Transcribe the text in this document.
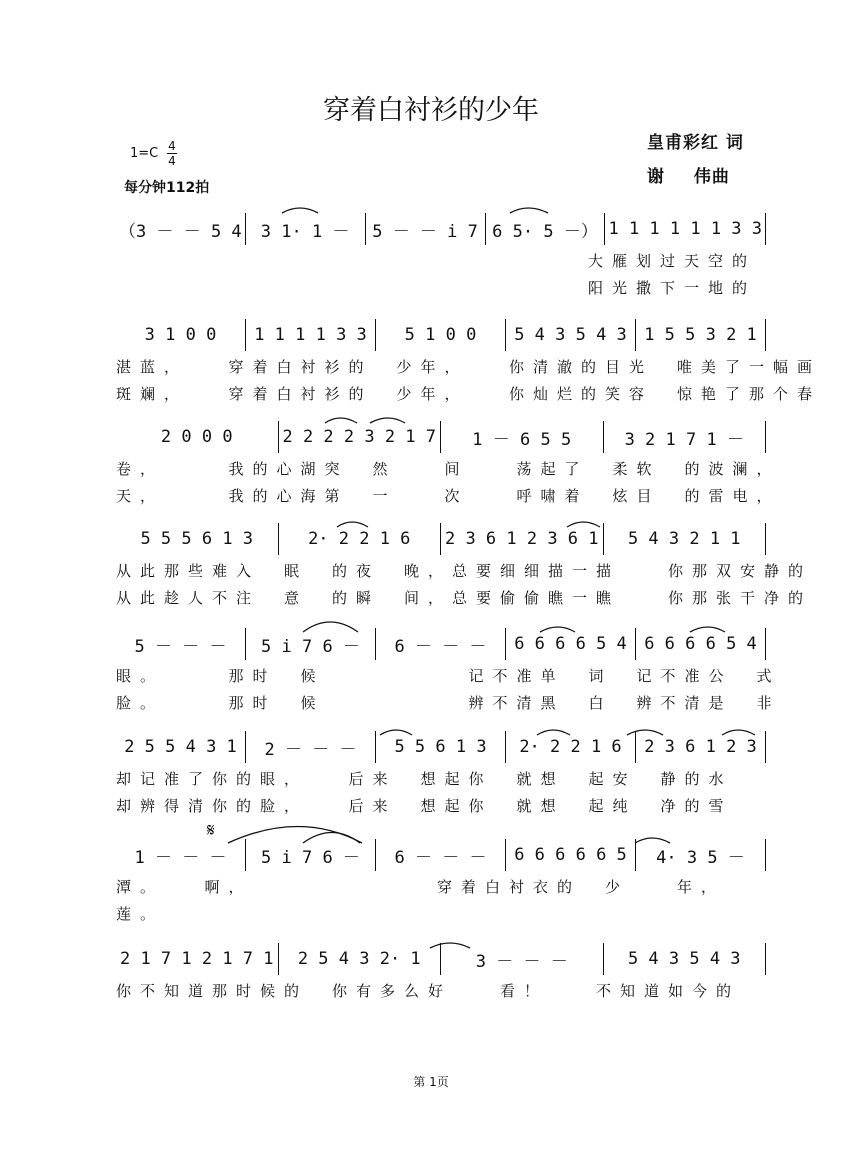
穿着白衬衫的少年
皇甫彩红 词
谢 伟曲
1=C 4
4
每分钟112拍
（3 － － 5 4	3 1· 1 －	5 － － i 7 6 5· 5 －） 1 1 1 1 1 1 3 3
大雁划过天空的
阳光撒下一地的
3 1 0 0	1 1 1 1 3 3	5 1 0 0	5 4 3 5 4 3	1 5 5 3 2 1
湛蓝，　　穿着白衬衫的　少年，　　你清澈的目光　唯美了一幅画
斑斓，　　穿着白衬衫的　少年，　　你灿烂的笑容　惊艳了那个春
2 0 0 0	2 2 2 2 3 2 1 7	1 － 6 5 5	3 2 1 7 1 －
卷，　　　我的心湖突　然　　间　　荡起了　柔软　的波澜，
天，　　　我的心海第　一　　次　　呼啸着　炫目　的雷电，
5 5 5 6 1 3	2· 2 2 1 6	2 3 6 1 2 3 6 1	5 4 3 2 1 1
从此那些难入　眠　的夜　晚，总要细细描一描　　你那双安静的
从此趁人不注　意　的瞬　间，总要偷偷瞧一瞧　　你那张干净的
5 － － －	5 i 7 6 －	6 － － －	6 6 6 6 5 4	6 6 6 6 5 4
眼。　　　那时　候　　　　　　记不准单　词　记不准公　式
脸。　　　那时　候　　　　　　辨不清黑　白　辨不清是　非
2 5 5 4 3 1	2 － － －	5 5 6 1 3	2· 2 2 1 6	2 3 6 1 2 3
却记准了你的眼，　　后来　想起你　就想　起安　静的水
却辨得清你的脸，　　后来　想起你　就想　起纯　净的雪
1 － － －	5 i 7 6 －	6 － － －	6 6 6 6 6 5	4· 3 5 －
潭。　　啊，　　　　　　　　穿着白衬衣的　少　　年，
莲。
2 1 7 1 2 1 7 1	2 5 4 3 2· 1	3 － － －	5 4 3 5 4 3
你不知道那时候的　你有多么好　　看！　　不知道如今的
𝄋
第 1页
